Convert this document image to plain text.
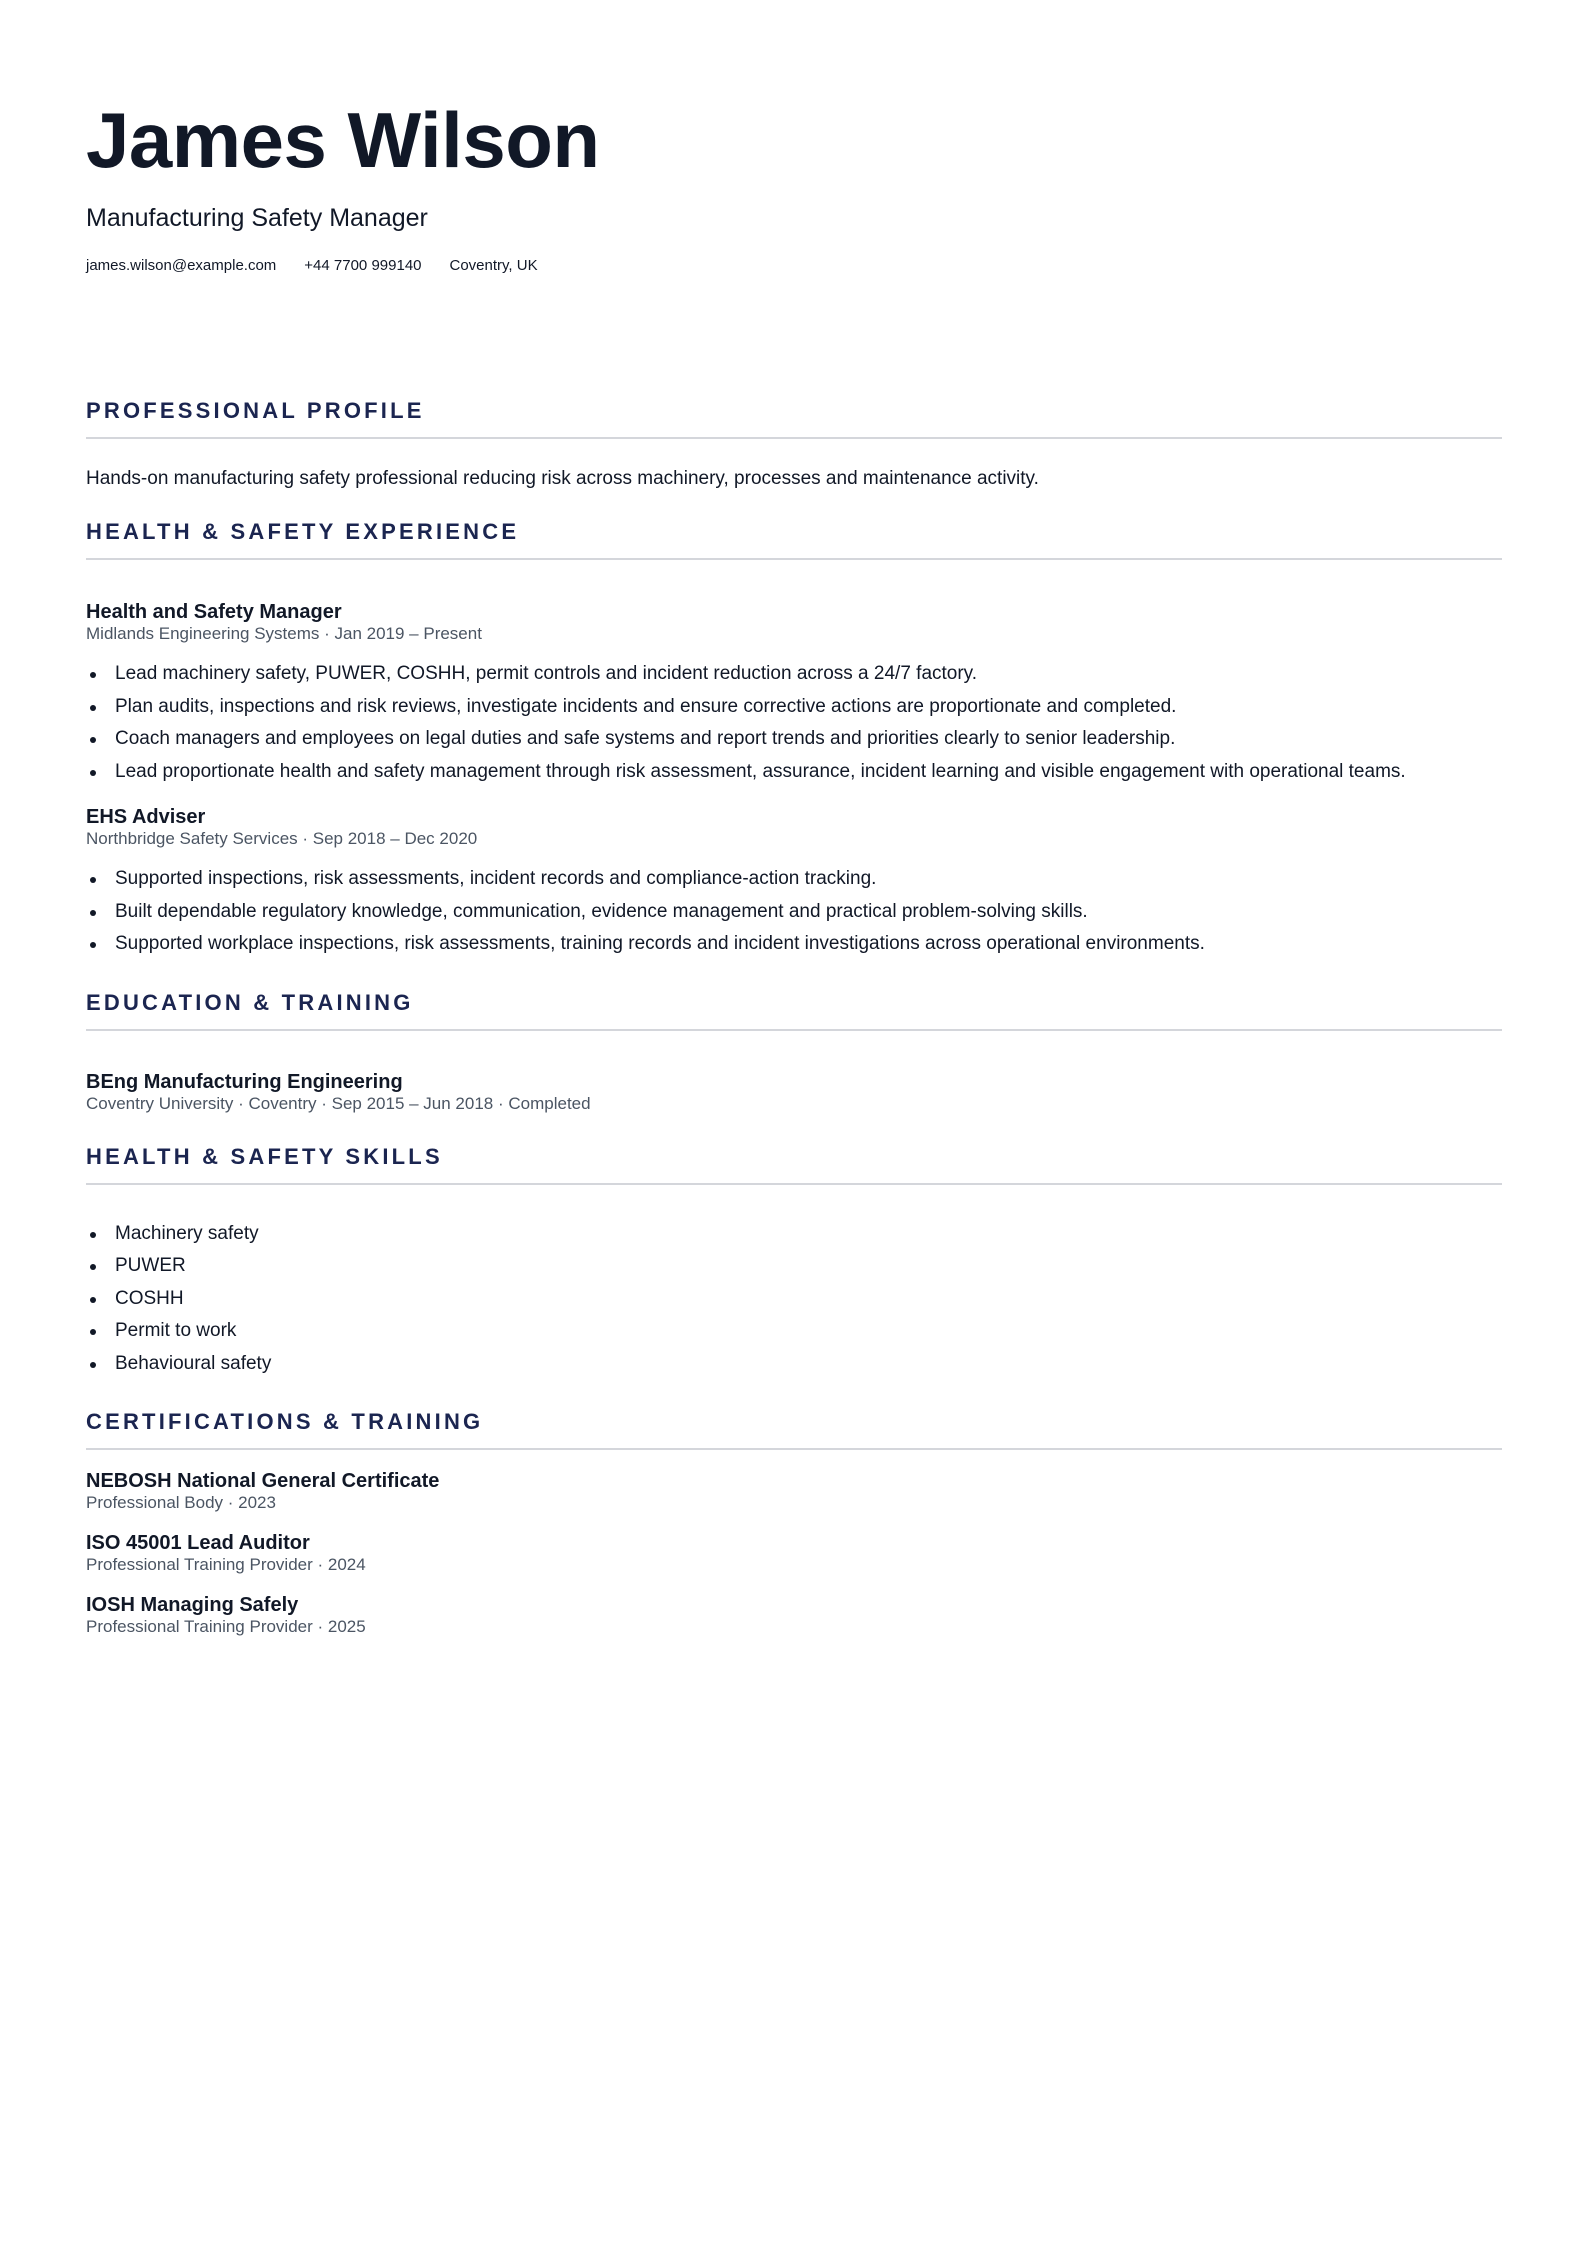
James Wilson

Manufacturing Safety Manager

james.wilson@example.com +44 7700 999140 Coventry, UK
PROFESSIONAL PROFILE

Hands-on manufacturing safety professional reducing risk across machinery, processes and maintenance activity.

HEALTH & SAFETY EXPERIENCE

Health and Safety Manager

Midlands Engineering Systems · Jan 2019 – Present

Lead machinery safety, PUWER, COSHH, permit controls and incident reduction across a 24/7 factory.
Plan audits, inspections and risk reviews, investigate incidents and ensure corrective actions are proportionate and completed.
Coach managers and employees on legal duties and safe systems and report trends and priorities clearly to senior leadership.
Lead proportionate health and safety management through risk assessment, assurance, incident learning and visible engagement with operational teams.

EHS Adviser

Northbridge Safety Services · Sep 2018 – Dec 2020

Supported inspections, risk assessments, incident records and compliance-action tracking.
Built dependable regulatory knowledge, communication, evidence management and practical problem-solving skills.
Supported workplace inspections, risk assessments, training records and incident investigations across operational environments.
EDUCATION & TRAINING

BEng Manufacturing Engineering

Coventry University · Coventry · Sep 2015 – Jun 2018 · Completed

HEALTH & SAFETY SKILLS
Machinery safety
PUWER
COSHH
Permit to work
Behavioural safety
CERTIFICATIONS & TRAINING

NEBOSH National General Certificate

Professional Body · 2023

ISO 45001 Lead Auditor

Professional Training Provider · 2024

IOSH Managing Safely

Professional Training Provider · 2025
